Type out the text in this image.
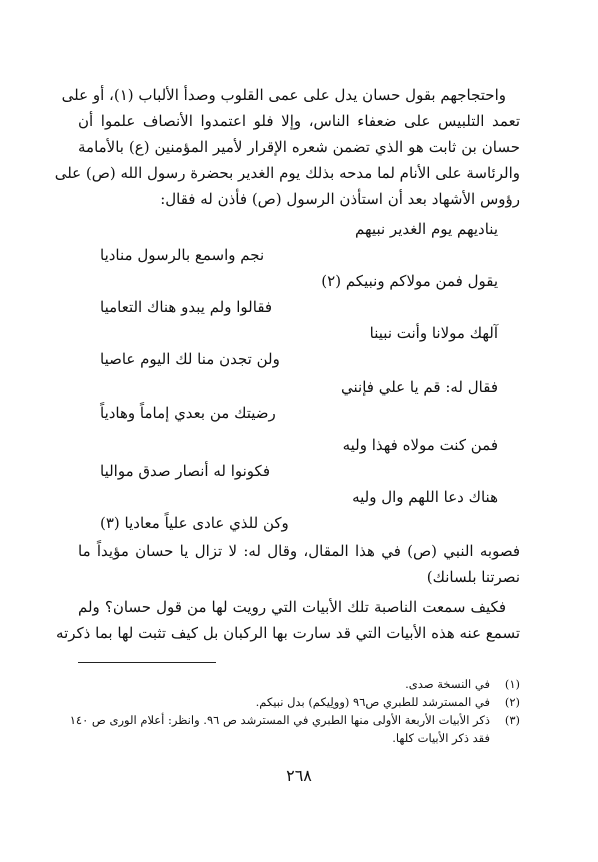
واحتجاجهم بقول حسان يدل على عمى القلوب وصدأ الألباب (١)، أو على
تعمد التلبيس على ضعفاء الناس، وإلا فلو اعتمدوا الأنصاف علموا أن
حسان بن ثابت هو الذي تضمن شعره الإقرار لأمير المؤمنين (ع) بالأمامة
والرئاسة على الأنام لما مدحه بذلك يوم الغدير بحضرة رسول الله (ص) على
رؤوس الأشهاد بعد أن استأذن الرسول (ص) فأذن له فقال:
يناديهم يوم الغدير نبيهم
نجم واسمع بالرسول مناديا
يقول فمن مولاكم ونبيكم (٢)
فقالوا ولم يبدو هناك التعاميا
آلهك مولانا وأنت نبينا
ولن تجدن منا لك اليوم عاصيا
فقال له: قم يا علي فإنني
رضيتك من بعدي إماماً وهادياً
فمن كنت مولاه فهذا وليه
فكونوا له أنصار صدق مواليا
هناك دعا اللهم وال وليه
وكن للذي عادى علياً معاديا (٣)
فصوبه النبي (ص) في هذا المقال، وقال له: لا تزال يا حسان مؤيداً ما
نصرتنا بلسانك)
فكيف سمعت الناصبة تلك الأبيات التي رويت لها من قول حسان؟ ولم
تسمع عنه هذه الأبيات التي قد سارت بها الركبان بل كيف تثبت لها بما ذكرته
(١)في النسخة صدى.
(٢)في المسترشد للطبري ص٩٦ (وولِيكم) بدل نبيكم.
(٣)ذكر الأبيات الأربعة الأولى منها الطبري في المسترشد ص ٩٦. وانظر: أعلام الورى ص ١٤٠
فقد ذكر الأبيات كلها.
٢٦٨
